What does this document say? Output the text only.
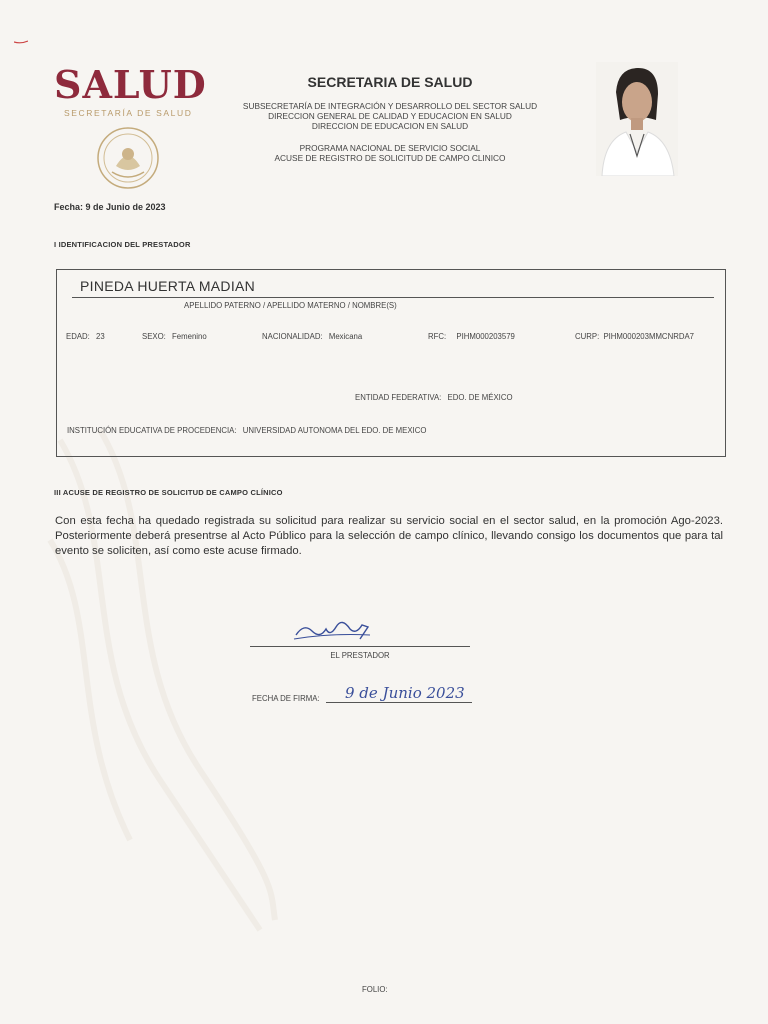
SALUD
SECRETARÍA DE SALUD
SECRETARIA DE SALUD
SUBSECRETARÍA DE INTEGRACIÓN Y DESARROLLO DEL SECTOR SALUD
DIRECCION GENERAL DE CALIDAD Y EDUCACION EN SALUD
DIRECCION DE EDUCACION EN SALUD
PROGRAMA NACIONAL DE SERVICIO SOCIAL
ACUSE DE REGISTRO DE SOLICITUD DE CAMPO CLINICO
Fecha: 9 de Junio de 2023
I IDENTIFICACION DEL PRESTADOR
PINEDA HUERTA MADIAN
APELLIDO PATERNO / APELLIDO MATERNO / NOMBRE(S)
EDAD: 23	SEXO: Femenino	NACIONALIDAD: Mexicana	RFC: PIHM000203579	CURP: PIHM000203MMCNRDA7
ENTIDAD FEDERATIVA: EDO. DE MÉXICO
INSTITUCIÓN EDUCATIVA DE PROCEDENCIA: UNIVERSIDAD AUTONOMA DEL EDO. DE MEXICO
III ACUSE DE REGISTRO DE SOLICITUD DE CAMPO CLÍNICO
Con esta fecha ha quedado registrada su solicitud para realizar su servicio social en el sector salud, en la promoción Ago-2023. Posteriormente deberá presentrse al Acto Público para la selección de campo clínico, llevando consigo los documentos que para tal evento se soliciten, así como este acuse firmado.
EL PRESTADOR
FECHA DE FIRMA: 9 de Junio 2023
FOLIO:
